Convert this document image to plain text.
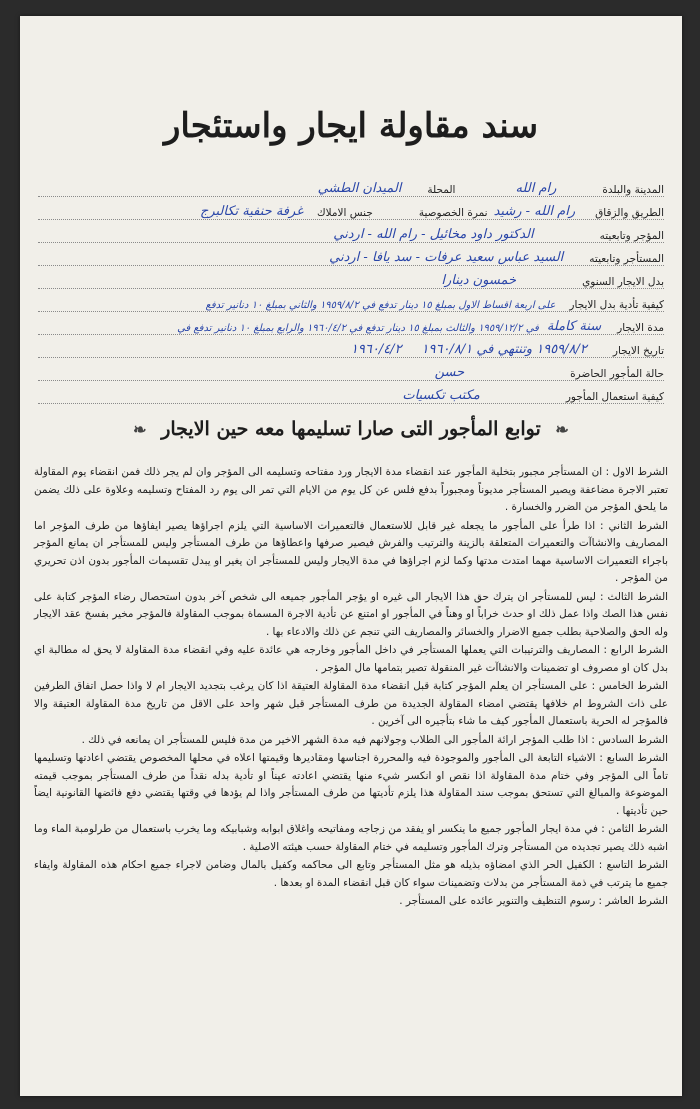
سند مقاولة ايجار واستئجار
المدينة والبلدة
رام الله
المحلة
الميدان الطشي
الطريق والزقاق
رام الله - رشيد
نمرة الخصوصية
جنس الاملاك
غرفة حنفية تكالبرج
المؤجر وتابعيته
الدكتور داود مخائيل - رام الله - اردني
المستأجر وتابعيته
السيد عباس سعيد عرفات - سد يافا - اردني
بدل الايجار السنوي
خمسون دينارا
كيفية تأدية بدل الايجار
على اربعة اقساط الاول بمبلغ ١٥ دينار تدفع في ١٩٥٩/٨/٢ والثاني بمبلغ ١٠ دنانير تدفع
مدة الايجار
سنة كاملة
في ١٩٥٩/١٢/٢ والثالث بمبلغ ١٥ دينار تدفع في ١٩٦٠/٤/٢ والرابع بمبلغ ١٠ دنانير تدفع في
تاريخ الايجار
١٩٥٩/٨/٢ وتنتهي في ١٩٦٠/٨/١
١٩٦٠/٤/٢
حالة المأجور الحاضرة
حسن
كيفية استعمال المأجور
مكتب تكسيات
❧ توابع المأجور التى صارا تسليمها معه حين الايجار ❧

الشرط الاول : ان المستأجر مجبور بتخلية المأجور عند انقضاء مدة الايجار ورد مفتاحه وتسليمه الى المؤجر وان لم يجر ذلك فمن انقضاء يوم المقاولة تعتبر الاجرة مضاعفة ويصير المستأجر مديوناً ومجبوراً بدفع فلس عن كل يوم من الايام التي تمر الى يوم رد المفتاح وتسليمه وعلاوة على ذلك يضمن ما يلحق المؤجر من الضرر والخسارة .

الشرط الثاني : اذا طرأ على المأجور ما يجعله غير قابل للاستعمال فالتعميرات الاساسية التي يلزم اجراؤها يصير ايفاؤها من طرف المؤجر اما المصاريف والانشاآت والتعميرات المتعلقة بالزينة والترتيب والفرش فيصير صرفها واعطاؤها من طرف المستأجر وليس للمستأجر ان يمانع المؤجر باجراء التعميرات الاساسية مهما امتدت مدتها وكما لزم اجراؤها في مدة الايجار وليس للمستأجر ان يغير او يبدل تقسيمات المأجور بدون اذن تحريري من المؤجر .

الشرط الثالث : ليس للمستأجر ان يترك حق هذا الايجار الى غيره او يؤجر المأجور جميعه الى شخص آخر بدون استحصال رضاء المؤجر كتابة على نفس هذا الصك واذا عمل ذلك او حدث خراباً او وهناً في المأجور او امتنع عن تأدية الاجرة المسماة بموجب المقاولة فالمؤجر مخير بفسخ عقد الايجار وله الحق والصلاحية بطلب جميع الاضرار والخسائر والمصاريف التي تنجم عن ذلك والادعاء بها .

الشرط الرابع : المصاريف والترتيبات التي يعملها المستأجر في داخل المأجور وخارجه هي عائدة عليه وفي انقضاء مدة المقاولة لا يحق له مطالبة اي بدل كان او مصروف او تضمينات والانشاآت غير المنقولة تصير بتمامها مال المؤجر .

الشرط الخامس : على المستأجر ان يعلم المؤجر كتابة قبل انقضاء مدة المقاولة العتيقة اذا كان يرغب بتجديد الايجار ام لا واذا حصل اتفاق الطرفين على ذات الشروط ام خلافها يقتضي امضاء المقاولة الجديدة من طرف المستأجر قبل شهر واحد على الاقل من تاريخ مدة المقاولة العتيقة والا فالمؤجر له الحرية باستعمال المأجور كيف ما شاء بتأجيره الى آخرين .

الشرط السادس : اذا طلب المؤجر ارائة المأجور الى الطلاب وجولانهم فيه مدة الشهر الاخير من مدة فليس للمستأجر ان يمانعه في ذلك .

الشرط السابع : الاشياء التابعة الى المأجور والموجودة فيه والمحررة اجناسها ومقاديرها وقيمتها اعلاه في محلها المخصوص يقتضي اعادتها وتسليمها تاماً الى المؤجر وفي ختام مدة المقاولة اذا نقص او انكسر شيء منها يقتضي اعادته عيناً او تأدية بدله نقداً من طرف المستأجر بموجب قيمته الموضوعة والمبالغ التي تستحق بموجب سند المقاولة هذا يلزم تأديتها من طرف المستأجر واذا لم يؤدها في وقتها يقتضي دفع فائضها القانونية ايضاً حين تأديتها .

الشرط الثامن : في مدة ايجار المأجور جميع ما ينكسر او يفقد من زجاجه ومفاتيحه واغلاق ابوابه وشبابيكه وما يخرب باستعمال من طرلومبة الماء وما اشبه ذلك يصير تجديده من المستأجر وترك المأجور وتسليمه في ختام المقاولة حسب هيئته الاصلية .

الشرط التاسع : الكفيل الحر الذي امضاؤه بذيله هو مثل المستأجر وتابع الى محاكمه وكفيل بالمال وضامن لاجراء جميع احكام هذه المقاولة وايفاء جميع ما يترتب في ذمة المستأجر من بدلات وتضمينات سواء كان قبل انقضاء المدة او بعدها .

الشرط العاشر : رسوم التنظيف والتنوير عائده على المستأجر .
